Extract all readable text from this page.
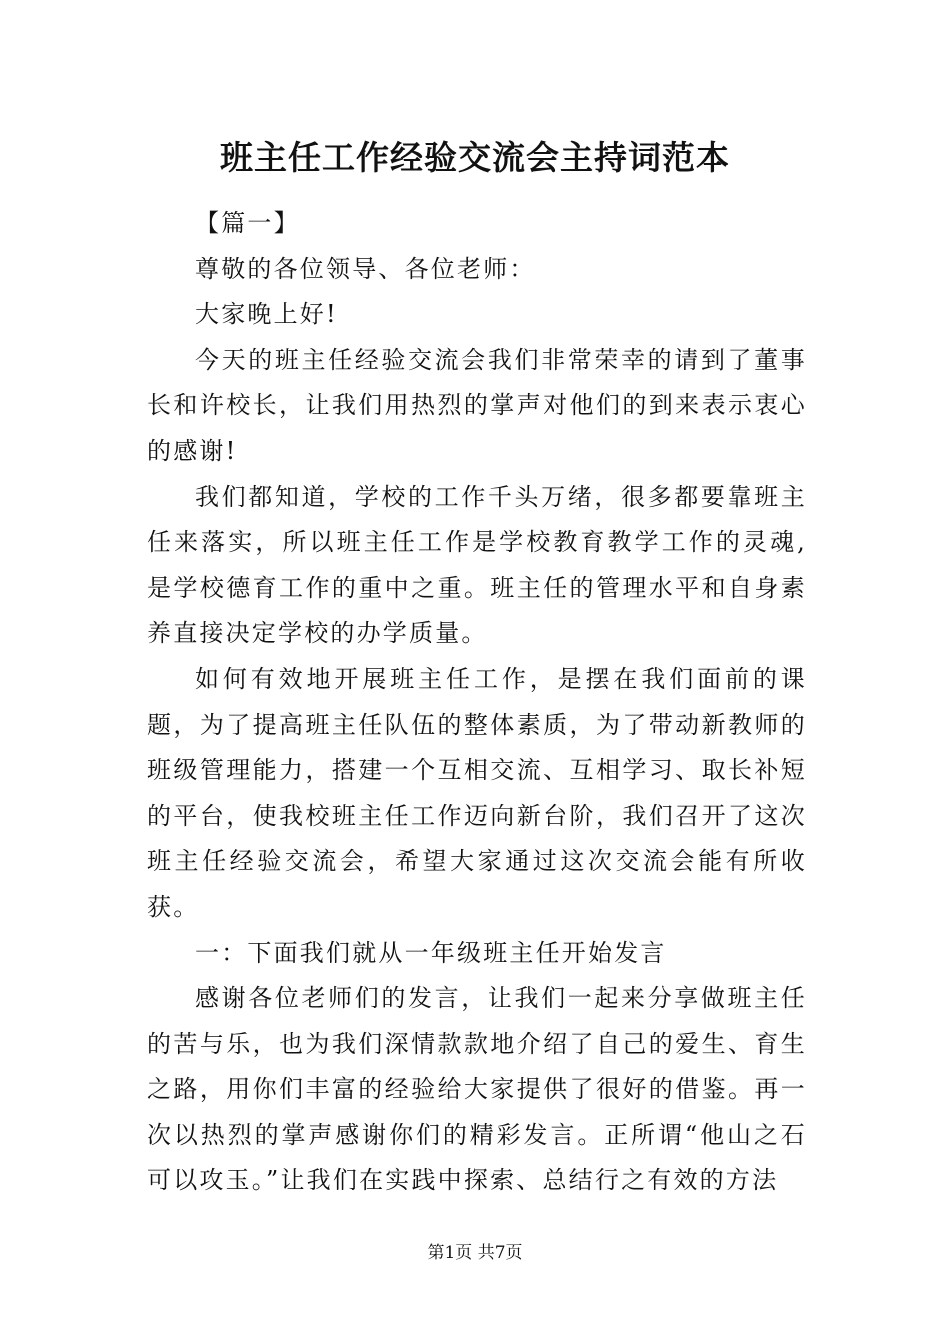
班主任工作经验交流会主持词范本

【篇一】

尊敬的各位领导、各位老师：

大家晚上好!

今天的班主任经验交流会我们非常荣幸的请到了董事长和许校长，让我们用热烈的掌声对他们的到来表示衷心的感谢!

我们都知道，学校的工作千头万绪，很多都要靠班主任来落实，所以班主任工作是学校教育教学工作的灵魂,是学校德育工作的重中之重。班主任的管理水平和自身素养直接决定学校的办学质量。

如何有效地开展班主任工作，是摆在我们面前的课题，为了提高班主任队伍的整体素质，为了带动新教师的班级管理能力，搭建一个互相交流、互相学习、取长补短的平台，使我校班主任工作迈向新台阶，我们召开了这次班主任经验交流会，希望大家通过这次交流会能有所收获。

一：下面我们就从一年级班主任开始发言

感谢各位老师们的发言，让我们一起来分享做班主任的苦与乐，也为我们深情款款地介绍了自己的爱生、育生之路，用你们丰富的经验给大家提供了很好的借鉴。再一次以热烈的掌声感谢你们的精彩发言。正所谓“他山之石可以攻玉。”让我们在实践中探索、总结行之有效的方法

第1页 共7页
